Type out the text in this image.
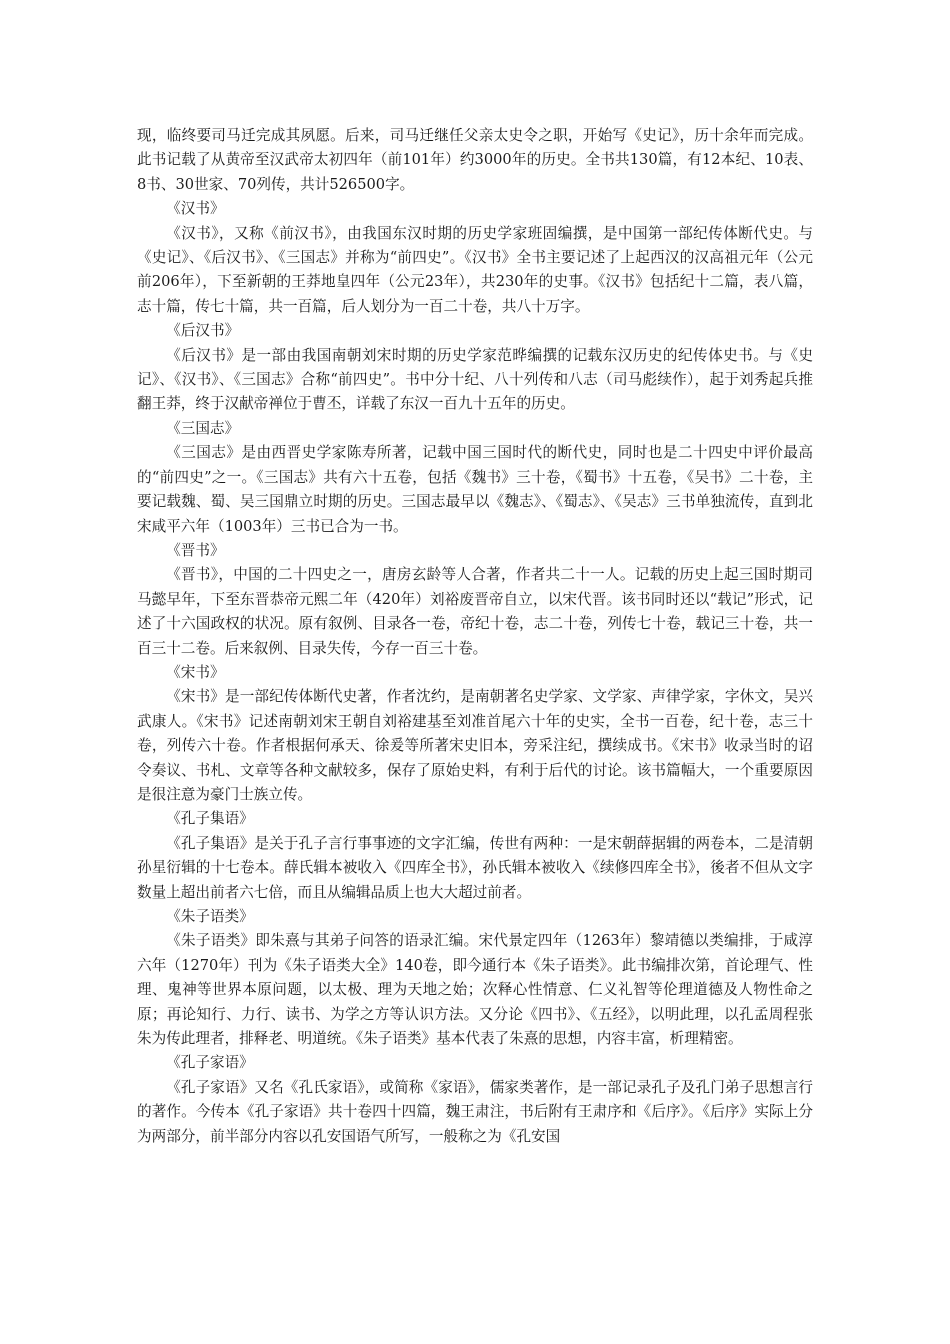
现，临终要司马迁完成其夙愿。后来，司马迁继任父亲太史令之职，开始写《史记》，历十余年而完成。此书记载了从黄帝至汉武帝太初四年（前101年）约3000年的历史。全书共130篇，有12本纪、10表、8书、30世家、70列传，共计526500字。

《汉书》

《汉书》，又称《前汉书》，由我国东汉时期的历史学家班固编撰，是中国第一部纪传体断代史。与《史记》、《后汉书》、《三国志》并称为“前四史”。《汉书》全书主要记述了上起西汉的汉高祖元年（公元前206年），下至新朝的王莽地皇四年（公元23年），共230年的史事。《汉书》包括纪十二篇，表八篇，志十篇，传七十篇，共一百篇，后人划分为一百二十卷，共八十万字。

《后汉书》

《后汉书》是一部由我国南朝刘宋时期的历史学家范晔编撰的记载东汉历史的纪传体史书。与《史记》、《汉书》、《三国志》合称“前四史”。书中分十纪、八十列传和八志（司马彪续作），起于刘秀起兵推翻王莽，终于汉献帝禅位于曹丕，详载了东汉一百九十五年的历史。

《三国志》

《三国志》是由西晋史学家陈寿所著，记载中国三国时代的断代史，同时也是二十四史中评价最高的“前四史”之一。《三国志》共有六十五卷，包括《魏书》三十卷，《蜀书》十五卷，《吴书》二十卷，主要记载魏、蜀、吴三国鼎立时期的历史。三国志最早以《魏志》、《蜀志》、《吴志》三书单独流传，直到北宋咸平六年（1003年）三书已合为一书。

《晋书》

《晋书》，中国的二十四史之一，唐房玄龄等人合著，作者共二十一人。记载的历史上起三国时期司马懿早年，下至东晋恭帝元熙二年（420年）刘裕废晋帝自立，以宋代晋。该书同时还以“载记”形式，记述了十六国政权的状况。原有叙例、目录各一卷，帝纪十卷，志二十卷，列传七十卷，载记三十卷，共一百三十二卷。后来叙例、目录失传，今存一百三十卷。

《宋书》

《宋书》是一部纪传体断代史著，作者沈约，是南朝著名史学家、文学家、声律学家，字休文，吴兴武康人。《宋书》记述南朝刘宋王朝自刘裕建基至刘准首尾六十年的史实，全书一百卷，纪十卷，志三十卷，列传六十卷。作者根据何承天、徐爰等所著宋史旧本，旁采注纪，撰续成书。《宋书》收录当时的诏令奏议、书札、文章等各种文献较多，保存了原始史料，有利于后代的讨论。该书篇幅大，一个重要原因是很注意为豪门士族立传。

《孔子集语》

《孔子集语》是关于孔子言行事事迹的文字汇编，传世有两种：一是宋朝薛据辑的两卷本，二是清朝孙星衍辑的十七卷本。薛氏辑本被收入《四库全书》，孙氏辑本被收入《续修四库全书》，後者不但从文字数量上超出前者六七倍，而且从编辑品质上也大大超过前者。

《朱子语类》

《朱子语类》即朱熹与其弟子问答的语录汇编。宋代景定四年（1263年）黎靖德以类编排，于咸淳六年（1270年）刊为《朱子语类大全》140卷，即今通行本《朱子语类》。此书编排次第，首论理气、性理、鬼神等世界本原问题，以太极、理为天地之始；次释心性情意、仁义礼智等伦理道德及人物性命之原；再论知行、力行、读书、为学之方等认识方法。又分论《四书》、《五经》，以明此理，以孔孟周程张朱为传此理者，排释老、明道统。《朱子语类》基本代表了朱熹的思想，内容丰富，析理精密。

《孔子家语》

《孔子家语》又名《孔氏家语》，或简称《家语》，儒家类著作，是一部记录孔子及孔门弟子思想言行的著作。今传本《孔子家语》共十卷四十四篇，魏王肃注，书后附有王肃序和《后序》。《后序》实际上分为两部分，前半部分内容以孔安国语气所写，一般称之为《孔安国
